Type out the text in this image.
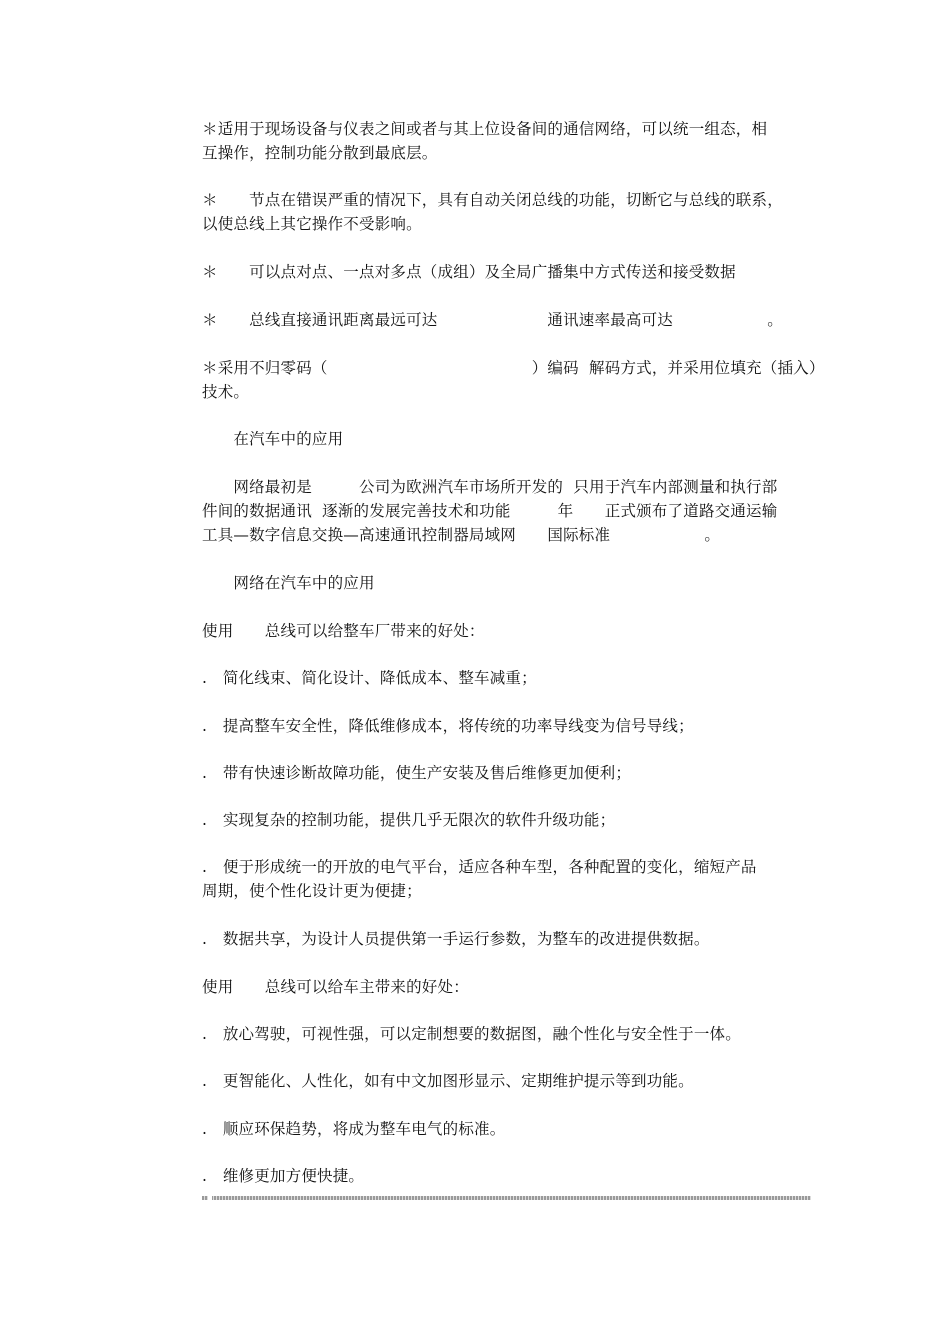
＊适用于现场设备与仪表之间或者与其上位设备间的通信网络，可以统一组态，相
互操作，控制功能分散到最底层。
＊　　节点在错误严重的情况下，具有自动关闭总线的功能，切断它与总线的联系，
以使总线上其它操作不受影响。
＊　　可以点对点、一点对多点（成组）及全局广播集中方式传送和接受数据
＊　　总线直接通讯距离最远可达　　　　　　　通讯速率最高可达　　　　　　。
＊采用不归零码（　　　　　　　　　　　　　）编码  解码方式，并采用位填充（插入）
技术。
　　在汽车中的应用
　　网络最初是　　　公司为欧洲汽车市场所开发的  只用于汽车内部测量和执行部
件间的数据通讯  逐渐的发展完善技术和功能　　　年　　正式颁布了道路交通运输
工具—数字信息交换—高速通讯控制器局域网　　国际标准　　　　　　。
　　网络在汽车中的应用
使用　　总线可以给整车厂带来的好处：
.　简化线束、简化设计、降低成本、整车减重；
.　提高整车安全性，降低维修成本，将传统的功率导线变为信号导线；
.　带有快速诊断故障功能，使生产安装及售后维修更加便利；
.　实现复杂的控制功能，提供几乎无限次的软件升级功能；
.　便于形成统一的开放的电气平台，适应各种车型，各种配置的变化，缩短产品
周期，使个性化设计更为便捷；
.　数据共享，为设计人员提供第一手运行参数，为整车的改进提供数据。
使用　　总线可以给车主带来的好处：
.　放心驾驶，可视性强，可以定制想要的数据图，融个性化与安全性于一体。
.　更智能化、人性化，如有中文加图形显示、定期维护提示等到功能。
.　顺应环保趋势，将成为整车电气的标准。
.　维修更加方便快捷。
